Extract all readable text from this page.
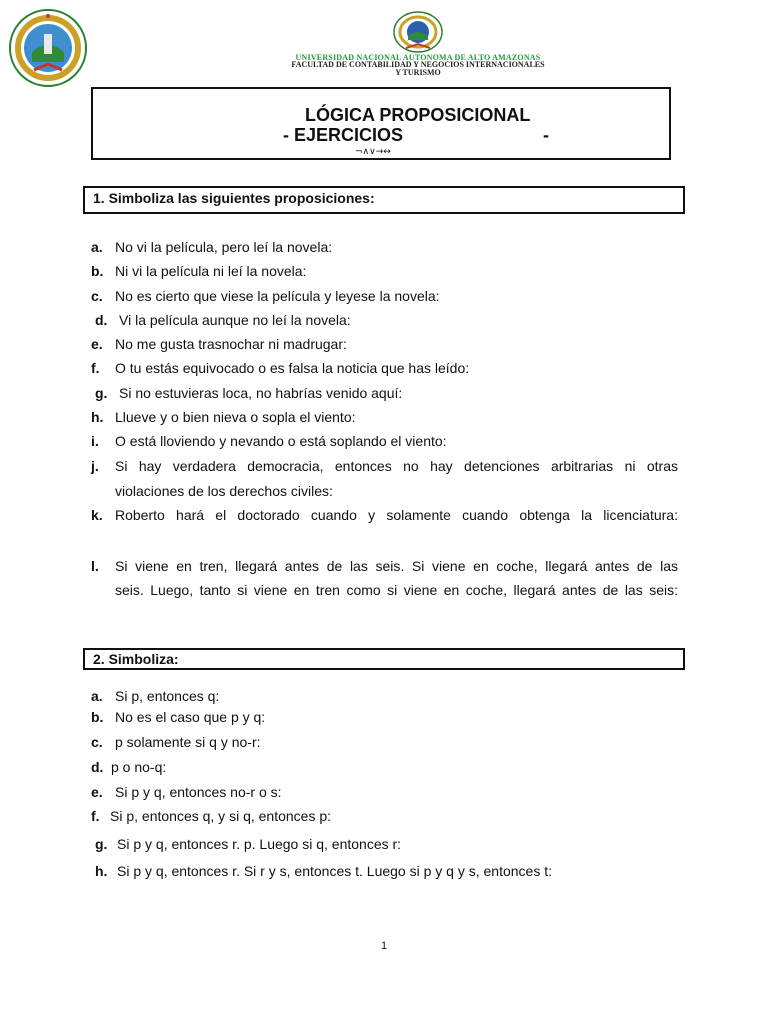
UNIVERSIDAD NACIONAL AUTONOMA DE ALTO AMAZONAS
FACULTAD DE CONTABILIDAD Y NEGOCIOS INTERNACIONALES
Y TURISMO
LÓGICA PROPOSICIONAL
- EJERCICIOS	-
¬∧∨→↔
1. Simboliza las siguientes proposiciones:
a. No vi la película, pero leí la novela:
b. Ni vi la película ni leí la novela:
c. No es cierto que viese la película y leyese la novela:
d. Vi la película aunque no leí la novela:
e. No me gusta trasnochar ni madrugar:
f. O tu estás equivocado o es falsa la noticia que has leído:
g. Si no estuvieras loca, no habrías venido aquí:
h. Llueve y o bien nieva o sopla el viento:
i. O está lloviendo y nevando o está soplando el viento:
j. Si hay verdadera democracia, entonces no hay detenciones arbitrarias ni otras
violaciones de los derechos civiles:
k. Roberto hará el doctorado cuando y solamente cuando obtenga la licenciatura:
l. Si viene en tren, llegará antes de las seis. Si viene en coche, llegará antes de las
seis. Luego, tanto si viene en tren como si viene en coche, llegará antes de las seis:
2. Simboliza:
a. Si p, entonces q:
b. No es el caso que p y q:
c. p solamente si q y no-r:
d. p o no-q:
e. Si p y q, entonces no-r o s:
f. Si p, entonces q, y si q, entonces p:
g. Si p y q, entonces r. p. Luego si q, entonces r:
h. Si p y q, entonces r. Si r y s, entonces t. Luego si p y q y s, entonces t:
1
